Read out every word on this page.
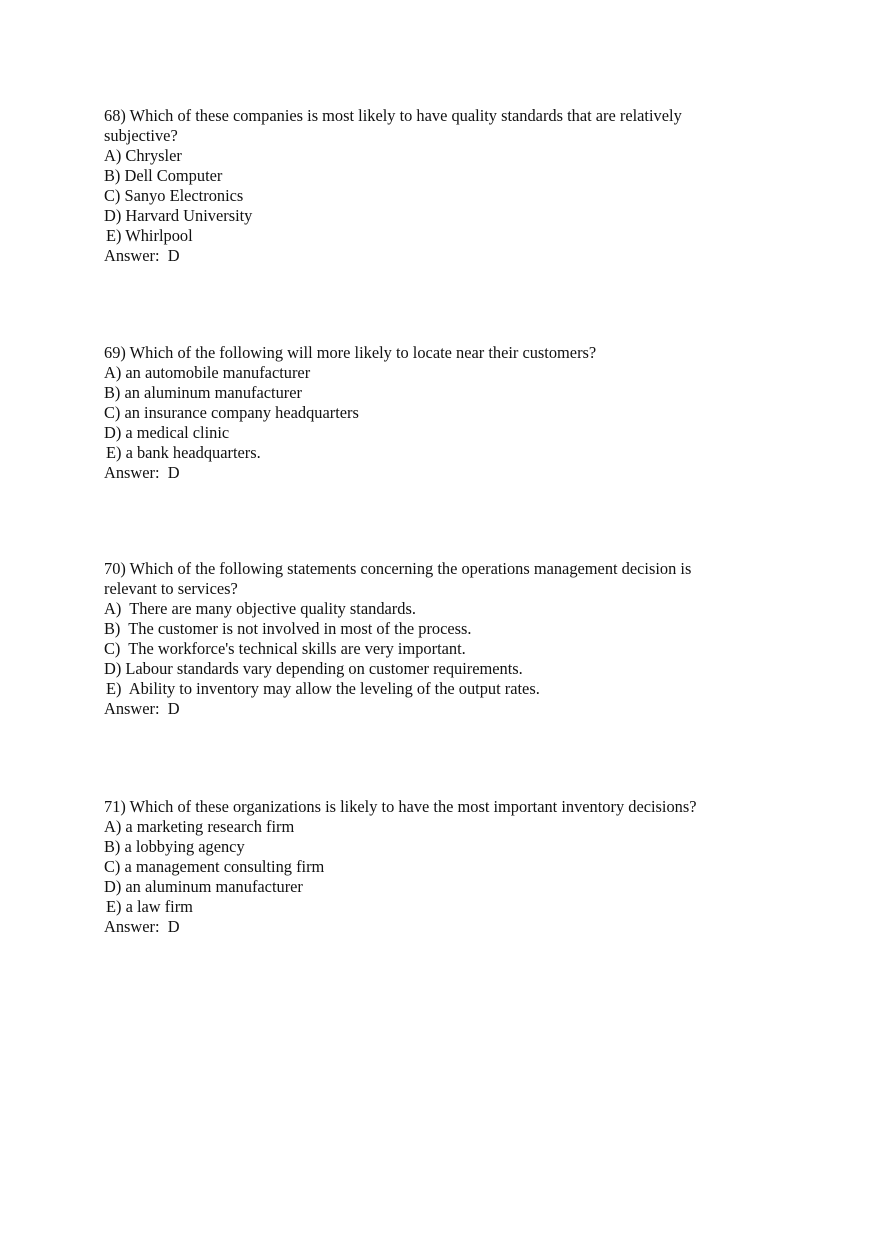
68) Which of these companies is most likely to have quality standards that are relatively subjective?
A) Chrysler
B) Dell Computer
C) Sanyo Electronics
D) Harvard University
E) Whirlpool
Answer:  D
69) Which of the following will more likely to locate near their customers?
A) an automobile manufacturer
B) an aluminum manufacturer
C) an insurance company headquarters
D) a medical clinic
E) a bank headquarters.
Answer:  D
70) Which of the following statements concerning the operations management decision is relevant to services?
A)  There are many objective quality standards.
B)  The customer is not involved in most of the process.
C)  The workforce's technical skills are very important.
D) Labour standards vary depending on customer requirements.
E)  Ability to inventory may allow the leveling of the output rates.
Answer:  D
71) Which of these organizations is likely to have the most important inventory decisions?
A) a marketing research firm
B) a lobbying agency
C) a management consulting firm
D) an aluminum manufacturer
E) a law firm
Answer:  D
